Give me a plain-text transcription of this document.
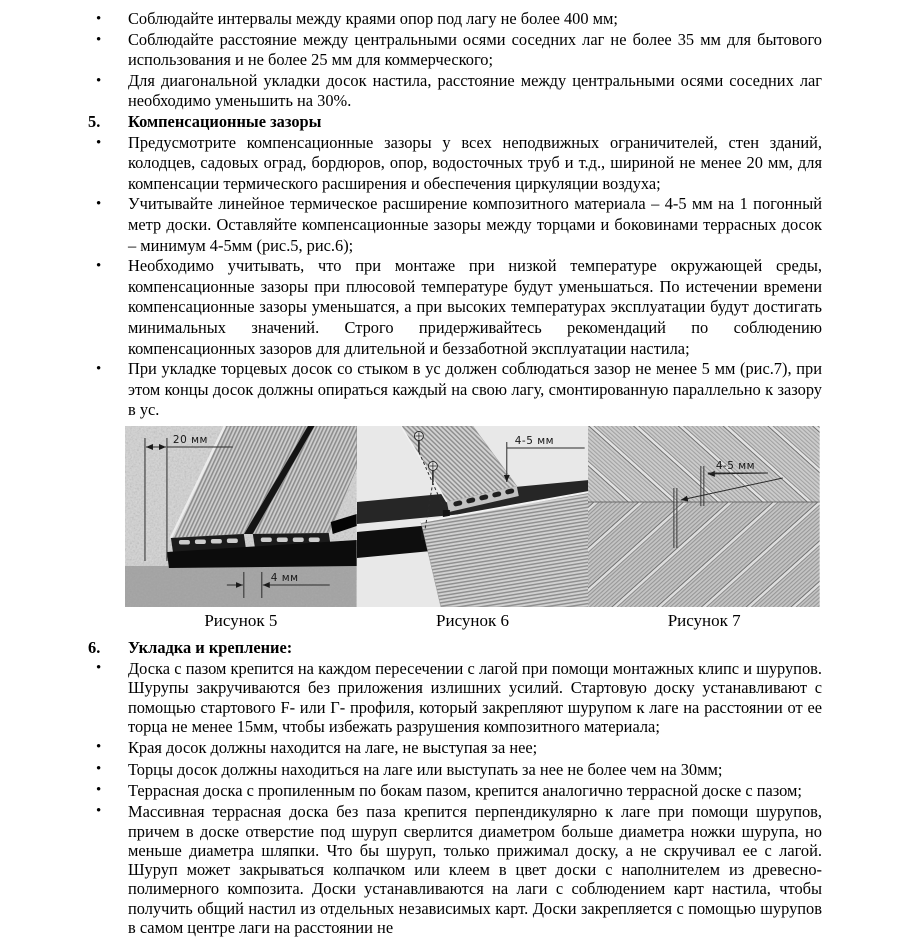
•	Соблюдайте интервалы между краями опор под лагу не более 400 мм;

•	Соблюдайте расстояние между центральными осями соседних лаг не более 35 мм для бытового использования и не более 25 мм для коммерческого;

•	Для диагональной укладки досок настила, расстояние между центральными осями соседних лаг необходимо уменьшить на 30%.

5.	Компенсационные зазоры

•	Предусмотрите компенсационные зазоры у всех неподвижных ограничителей, стен зданий, колодцев, садовых оград, бордюров, опор, водосточных труб и т.д., шириной не менее 20 мм, для компенсации термического расширения и обеспечения циркуляции воздуха;

•	Учитывайте линейное термическое расширение композитного материала – 4-5 мм на 1 погонный метр доски. Оставляйте компенсационные зазоры между торцами и боковинами террасных досок – минимум 4-5мм (рис.5, рис.6);

•	Необходимо учитывать, что при монтаже при низкой температуре окружающей среды, компенсационные зазоры при плюсовой температуре будут уменьшаться. По истечении времени компенсационные зазоры уменьшатся, а при высоких температурах эксплуатации будут достигать минимальных значений. Строго придерживайтесь рекомендаций по соблюдению компенсационных зазоров для длительной и беззаботной эксплуатации настила;

•	При укладке торцевых досок со стыком в ус должен соблюдаться зазор не менее 5 мм (рис.7), при этом концы досок должны опираться каждый на свою лагу, смонтированную параллельно к зазору в ус.

20 мм
4 мм
4-5 мм
4-5 мм
Рисунок 5	Рисунок 6	Рисунок 7
6.	Укладка и крепление:

•	Доска с пазом крепится на каждом пересечении с лагой при помощи монтажных клипс и шурупов. Шурупы закручиваются без приложения излишних усилий. Стартовую доску устанавливают с помощью стартового F- или Г- профиля, который закрепляют шурупом к лаге на расстоянии от ее торца не менее 15мм, чтобы избежать разрушения композитного материала;

•	Края досок должны находится на лаге, не выступая за нее;

•	Торцы досок должны находиться на лаге или выступать за нее не более чем на 30мм;

•	Террасная доска с пропиленным по бокам пазом, крепится аналогично террасной доске с пазом;

•	Массивная террасная доска без паза крепится перпендикулярно к лаге при помощи шурупов, причем в доске отверстие под шуруп сверлится диаметром больше диаметра ножки шурупа, но меньше диаметра шляпки. Что бы шуруп, только прижимал доску, а не скручивал ее с лагой. Шуруп может закрываться колпачком или клеем в цвет доски с наполнителем из древесно-полимерного композита. Доски устанавливаются на лаги с соблюдением карт настила, чтобы получить общий настил из отдельных независимых карт. Доски закрепляется с помощью шурупов в самом центре лаги на расстоянии не
